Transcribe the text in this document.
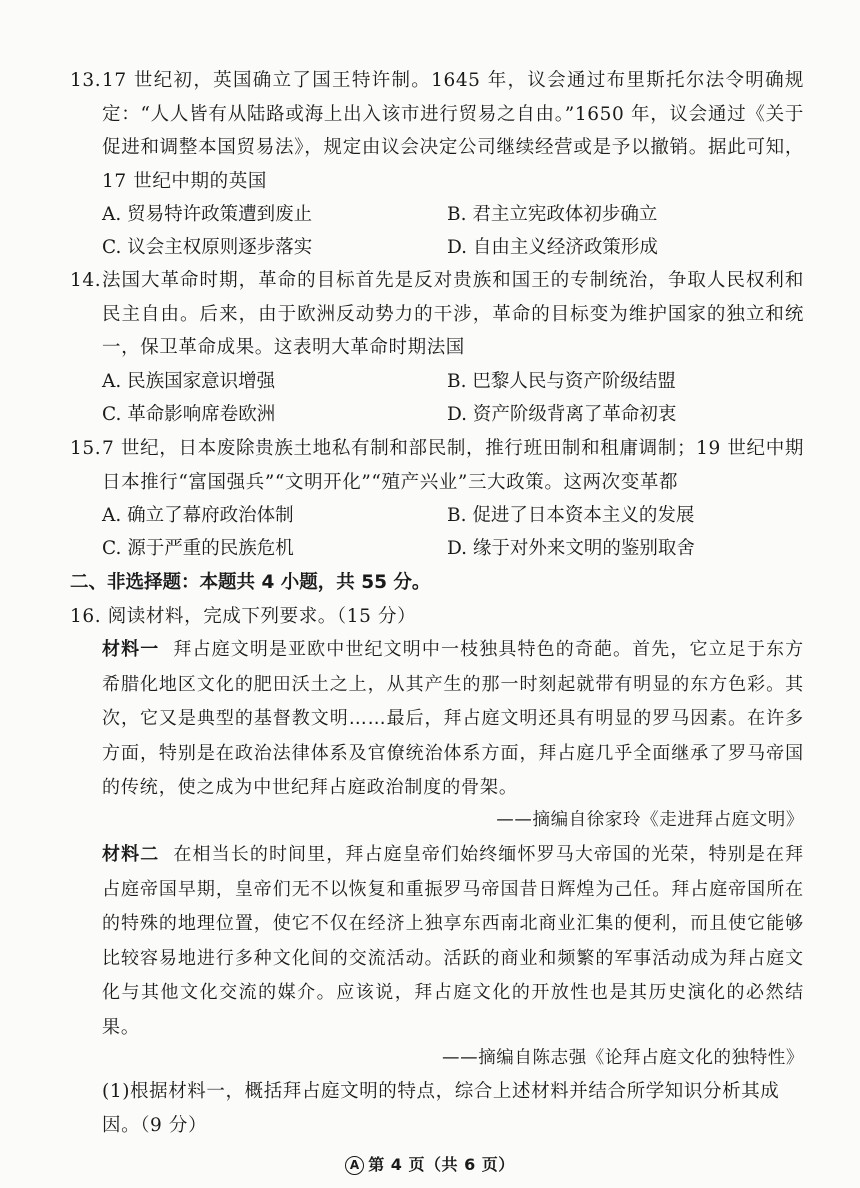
13. 17 世纪初，英国确立了国王特许制。1645 年，议会通过布里斯托尔法令明确规定：“人人皆有从陆路或海上出入该市进行贸易之自由。”1650 年，议会通过《关于促进和调整本国贸易法》，规定由议会决定公司继续经营或是予以撤销。据此可知，17 世纪中期的英国

A. 贸易特许政策遭到废止	B. 君主立宪政体初步确立
C. 议会主权原则逐步落实	D. 自由主义经济政策形成

14. 法国大革命时期，革命的目标首先是反对贵族和国王的专制统治，争取人民权利和民主自由。后来，由于欧洲反动势力的干涉，革命的目标变为维护国家的独立和统一，保卫革命成果。这表明大革命时期法国

A. 民族国家意识增强	B. 巴黎人民与资产阶级结盟
C. 革命影响席卷欧洲	D. 资产阶级背离了革命初衷

15. 7 世纪，日本废除贵族土地私有制和部民制，推行班田制和租庸调制；19 世纪中期日本推行“富国强兵”“文明开化”“殖产兴业”三大政策。这两次变革都

A. 确立了幕府政治体制	B. 促进了日本资本主义的发展
C. 源于严重的民族危机	D. 缘于对外来文明的鉴别取舍
二、非选择题：本题共 4 小题，共 55 分。
16. 阅读材料，完成下列要求。（15 分）

材料一 拜占庭文明是亚欧中世纪文明中一枝独具特色的奇葩。首先，它立足于东方希腊化地区文化的肥田沃土之上，从其产生的那一时刻起就带有明显的东方色彩。其次，它又是典型的基督教文明……最后，拜占庭文明还具有明显的罗马因素。在许多方面，特别是在政治法律体系及官僚统治体系方面，拜占庭几乎全面继承了罗马帝国的传统，使之成为中世纪拜占庭政治制度的骨架。

——摘编自徐家玲《走进拜占庭文明》

材料二 在相当长的时间里，拜占庭皇帝们始终缅怀罗马大帝国的光荣，特别是在拜占庭帝国早期，皇帝们无不以恢复和重振罗马帝国昔日辉煌为己任。拜占庭帝国所在的特殊的地理位置，使它不仅在经济上独享东西南北商业汇集的便利，而且使它能够比较容易地进行多种文化间的交流活动。活跃的商业和频繁的军事活动成为拜占庭文化与其他文化交流的媒介。应该说，拜占庭文化的开放性也是其历史演化的必然结果。

——摘编自陈志强《论拜占庭文化的独特性》

(1)根据材料一，概括拜占庭文明的特点，综合上述材料并结合所学知识分析其成因。（9 分）

A 第 4 页（共 6 页）
